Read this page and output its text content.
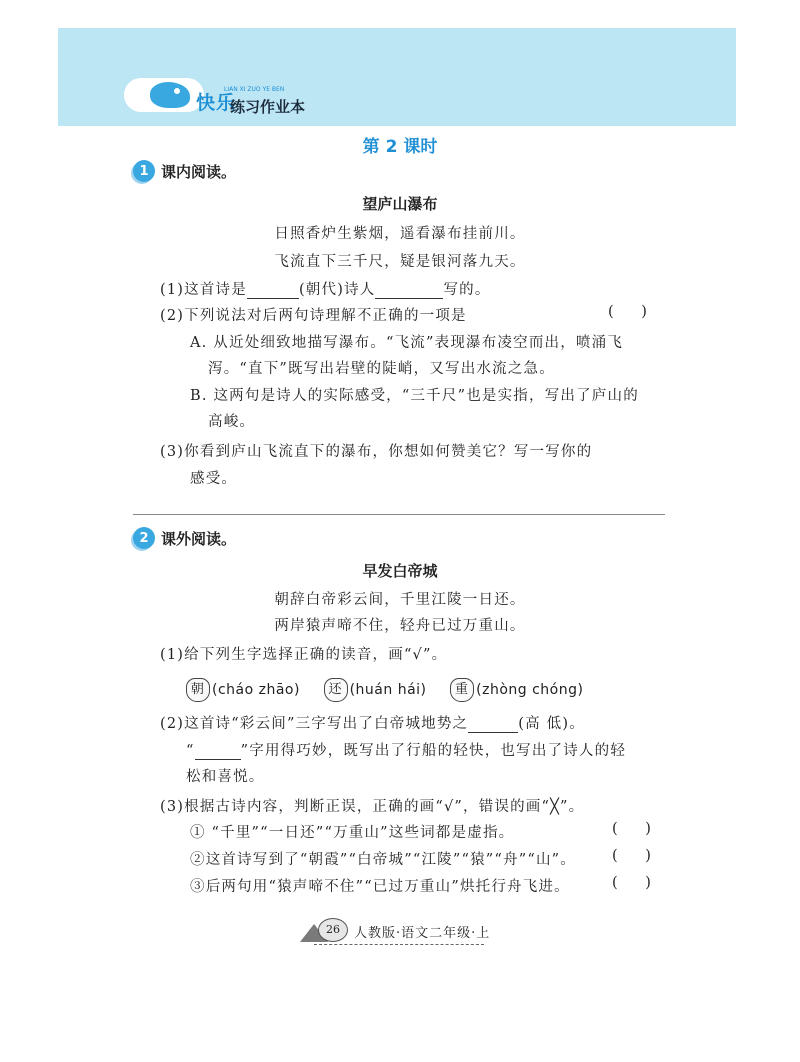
快乐
LIAN XI ZUO YE BEN
练习作业本
第 2 课时
1 课内阅读。
望庐山瀑布
日照香炉生紫烟，遥看瀑布挂前川。
飞流直下三千尺，疑是银河落九天。
(1)这首诗是	(朝代)诗人	写的。
(2)下列说法对后两句诗理解不正确的一项是	(      )
A. 从近处细致地描写瀑布。“飞流”表现瀑布凌空而出，喷涌飞
泻。“直下”既写出岩壁的陡峭，又写出水流之急。
B. 这两句是诗人的实际感受，“三千尺”也是实指，写出了庐山的
高峻。
(3)你看到庐山飞流直下的瀑布，你想如何赞美它？写一写你的
感受。
2 课外阅读。
早发白帝城
朝辞白帝彩云间，千里江陵一日还。
两岸猿声啼不住，轻舟已过万重山。
(1)给下列生字选择正确的读音，画“√”。
朝 (cháo zhāo) 还 (huán hái) 重 (zhòng chóng)
(2)这首诗“彩云间”三字写出了白帝城地势之	(高 低)。
“	”字用得巧妙，既写出了行船的轻快，也写出了诗人的轻
松和喜悦。
(3)根据古诗内容，判断正误，正确的画“√”，错误的画“╳”。
① “千里”“一日还”“万重山”这些词都是虚指。	(      )
②这首诗写到了“朝霞”“白帝城”“江陵”“猿”“舟”“山”。 (      )
③后两句用“猿声啼不住”“已过万重山”烘托行舟飞进。	(      )
26	人教版·语文二年级·上
